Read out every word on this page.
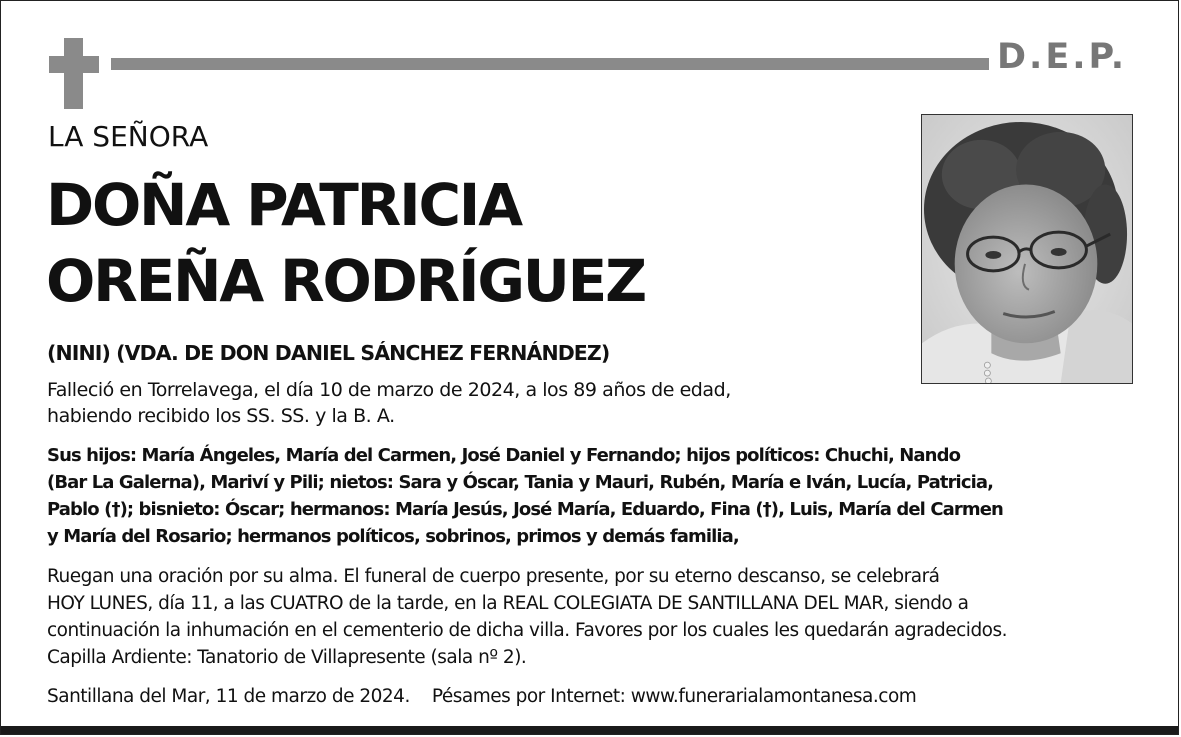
D.E.P.
LA SEÑORA
DOÑA PATRICIA
OREÑA RODRÍGUEZ
(NINI) (VDA. DE DON DANIEL SÁNCHEZ FERNÁNDEZ)
Falleció en Torrelavega, el día 10 de marzo de 2024, a los 89 años de edad,
habiendo recibido los SS. SS. y la B. A.
Sus hijos: María Ángeles, María del Carmen, José Daniel y Fernando; hijos políticos: Chuchi, Nando
(Bar La Galerna), Mariví y Pili; nietos: Sara y Óscar, Tania y Mauri, Rubén, María e Iván, Lucía, Patricia,
Pablo (†); bisnieto: Óscar; hermanos: María Jesús, José María, Eduardo, Fina (†), Luis, María del Carmen
y María del Rosario; hermanos políticos, sobrinos, primos y demás familia,
Ruegan una oración por su alma. El funeral de cuerpo presente, por su eterno descanso, se celebrará
HOY LUNES, día 11, a las CUATRO de la tarde, en la REAL COLEGIATA DE SANTILLANA DEL MAR, siendo a
continuación la inhumación en el cementerio de dicha villa. Favores por los cuales les quedarán agradecidos.
Capilla Ardiente: Tanatorio de Villapresente (sala nº 2).
Santillana del Mar, 11 de marzo de 2024. Pésames por Internet: www.funerarialamontanesa.com
